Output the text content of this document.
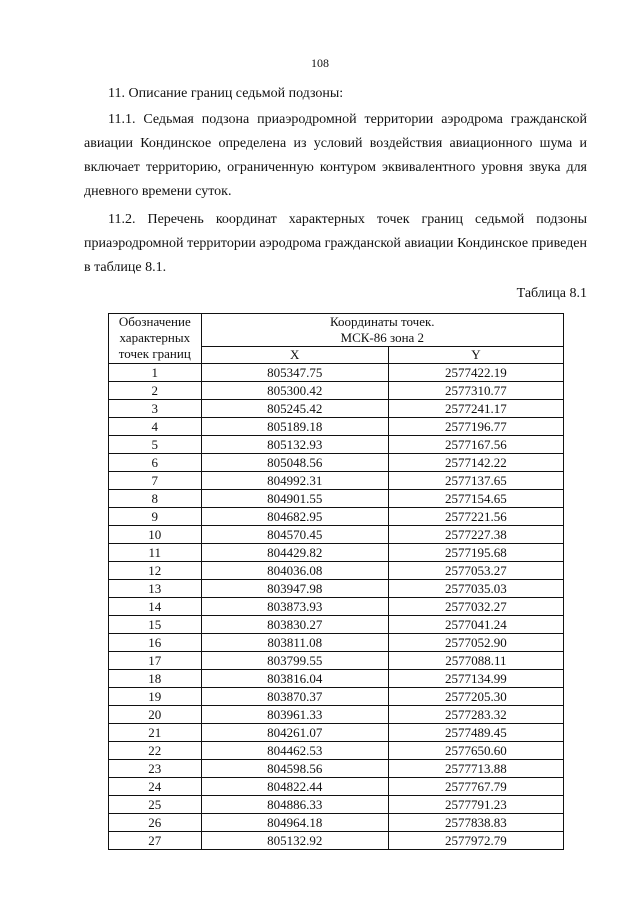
108
11. Описание границ седьмой подзоны:
11.1. Седьмая подзона приаэродромной территории аэродрома гражданской авиации Кондинское определена из условий воздействия авиационного шума и включает территорию, ограниченную контуром эквивалентного уровня звука для дневного времени суток.
11.2. Перечень координат характерных точек границ седьмой подзоны приаэродромной территории аэродрома гражданской авиации Кондинское приведен в таблице 8.1.
Таблица 8.1
Обозначение характерных точек границ	Координаты точек.
МСК-86 зона 2	
	X	Y
1	805347.75	2577422.19
2	805300.42	2577310.77
3	805245.42	2577241.17
4	805189.18	2577196.77
5	805132.93	2577167.56
6	805048.56	2577142.22
7	804992.31	2577137.65
8	804901.55	2577154.65
9	804682.95	2577221.56
10	804570.45	2577227.38
11	804429.82	2577195.68
12	804036.08	2577053.27
13	803947.98	2577035.03
14	803873.93	2577032.27
15	803830.27	2577041.24
16	803811.08	2577052.90
17	803799.55	2577088.11
18	803816.04	2577134.99
19	803870.37	2577205.30
20	803961.33	2577283.32
21	804261.07	2577489.45
22	804462.53	2577650.60
23	804598.56	2577713.88
24	804822.44	2577767.79
25	804886.33	2577791.23
26	804964.18	2577838.83
27	805132.92	2577972.79
